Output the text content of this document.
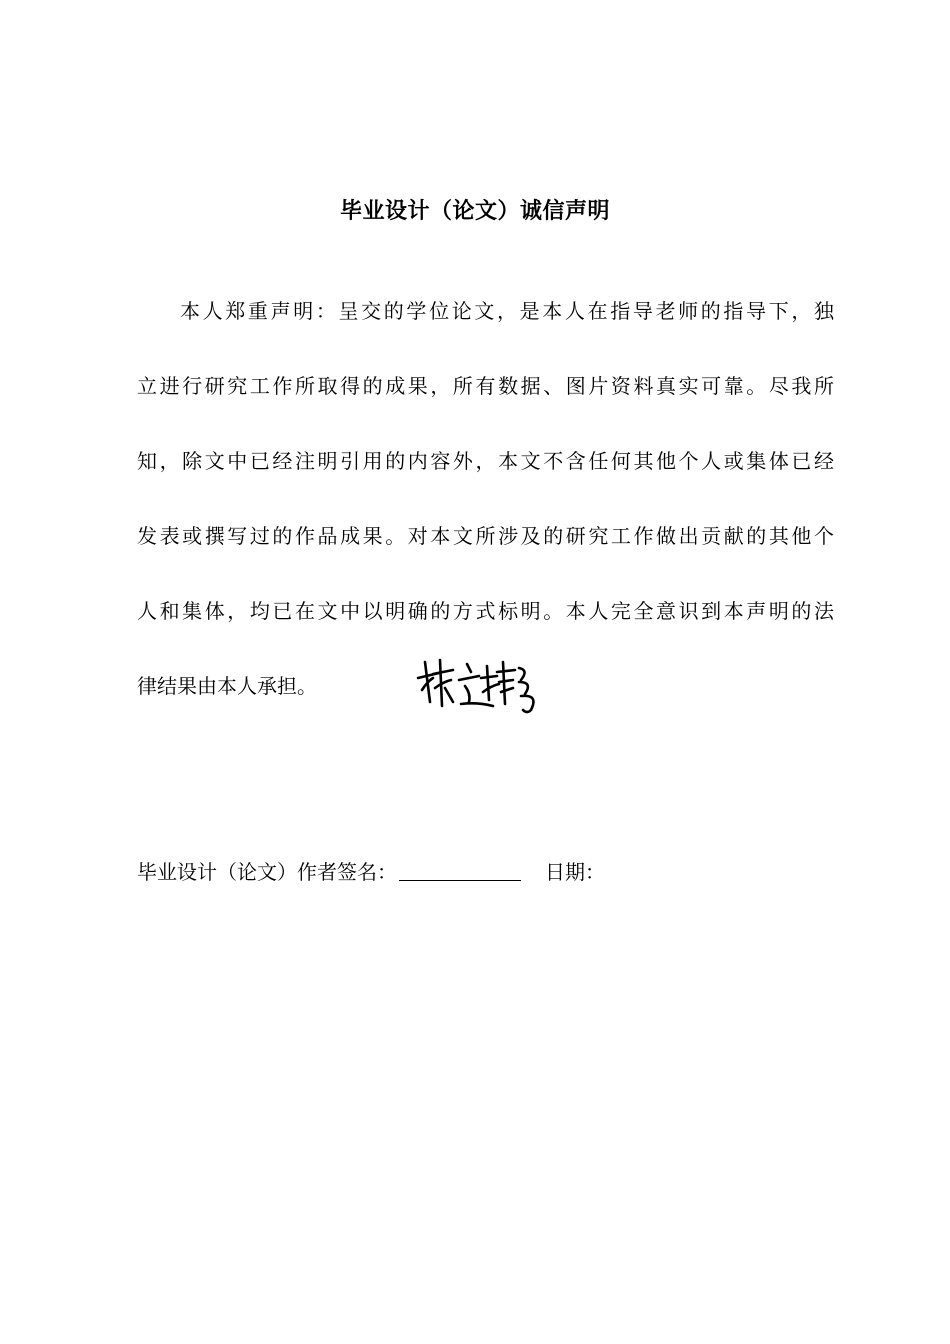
毕业设计（论文）诚信声明
本人郑重声明：呈交的学位论文，是本人在指导老师的指导下，独
立进行研究工作所取得的成果，所有数据、图片资料真实可靠。尽我所
知，除文中已经注明引用的内容外，本文不含任何其他个人或集体已经
发表或撰写过的作品成果。对本文所涉及的研究工作做出贡献的其他个
人和集体，均已在文中以明确的方式标明。本人完全意识到本声明的法
律结果由本人承担。
毕业设计（论文）作者签名：	日期：
